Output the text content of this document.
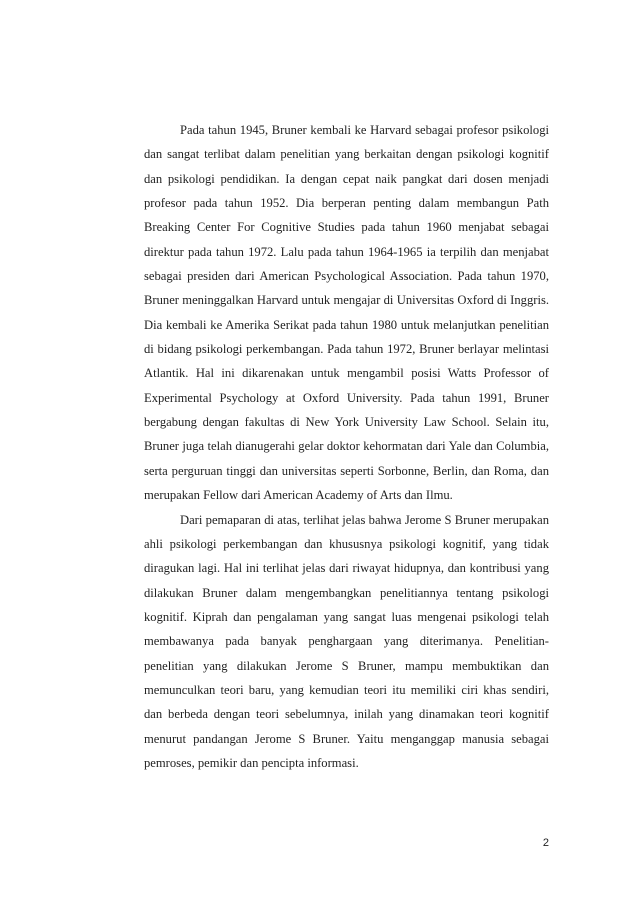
Pada tahun 1945, Bruner kembali ke Harvard sebagai profesor psikologi dan sangat terlibat dalam penelitian yang berkaitan dengan psikologi kognitif dan psikologi pendidikan. Ia dengan cepat naik pangkat dari dosen menjadi profesor pada tahun 1952. Dia berperan penting dalam membangun Path Breaking Center For Cognitive Studies pada tahun 1960 menjabat sebagai direktur pada tahun 1972. Lalu pada tahun 1964-1965 ia terpilih dan menjabat sebagai presiden dari American Psychological Association. Pada tahun 1970, Bruner meninggalkan Harvard untuk mengajar di Universitas Oxford di Inggris. Dia kembali ke Amerika Serikat pada tahun 1980 untuk melanjutkan penelitian di bidang psikologi perkembangan. Pada tahun 1972, Bruner berlayar melintasi Atlantik. Hal ini dikarenakan untuk mengambil posisi Watts Professor of Experimental Psychology at Oxford University. Pada tahun 1991, Bruner bergabung dengan fakultas di New York University Law School. Selain itu, Bruner juga telah dianugerahi gelar doktor kehormatan dari Yale dan Columbia, serta perguruan tinggi dan universitas seperti Sorbonne, Berlin, dan Roma, dan merupakan Fellow dari American Academy of Arts dan Ilmu.

Dari pemaparan di atas, terlihat jelas bahwa Jerome S Bruner merupakan ahli psikologi perkembangan dan khususnya psikologi kognitif, yang tidak diragukan lagi. Hal ini terlihat jelas dari riwayat hidupnya, dan kontribusi yang dilakukan Bruner dalam mengembangkan penelitiannya tentang psikologi kognitif. Kiprah dan pengalaman yang sangat luas mengenai psikologi telah membawanya pada banyak penghargaan yang diterimanya. Penelitian-penelitian yang dilakukan Jerome S Bruner, mampu membuktikan dan memunculkan teori baru, yang kemudian teori itu memiliki ciri khas sendiri, dan berbeda dengan teori sebelumnya, inilah yang dinamakan teori kognitif menurut pandangan Jerome S Bruner. Yaitu menganggap manusia sebagai pemroses, pemikir dan pencipta informasi.

2
